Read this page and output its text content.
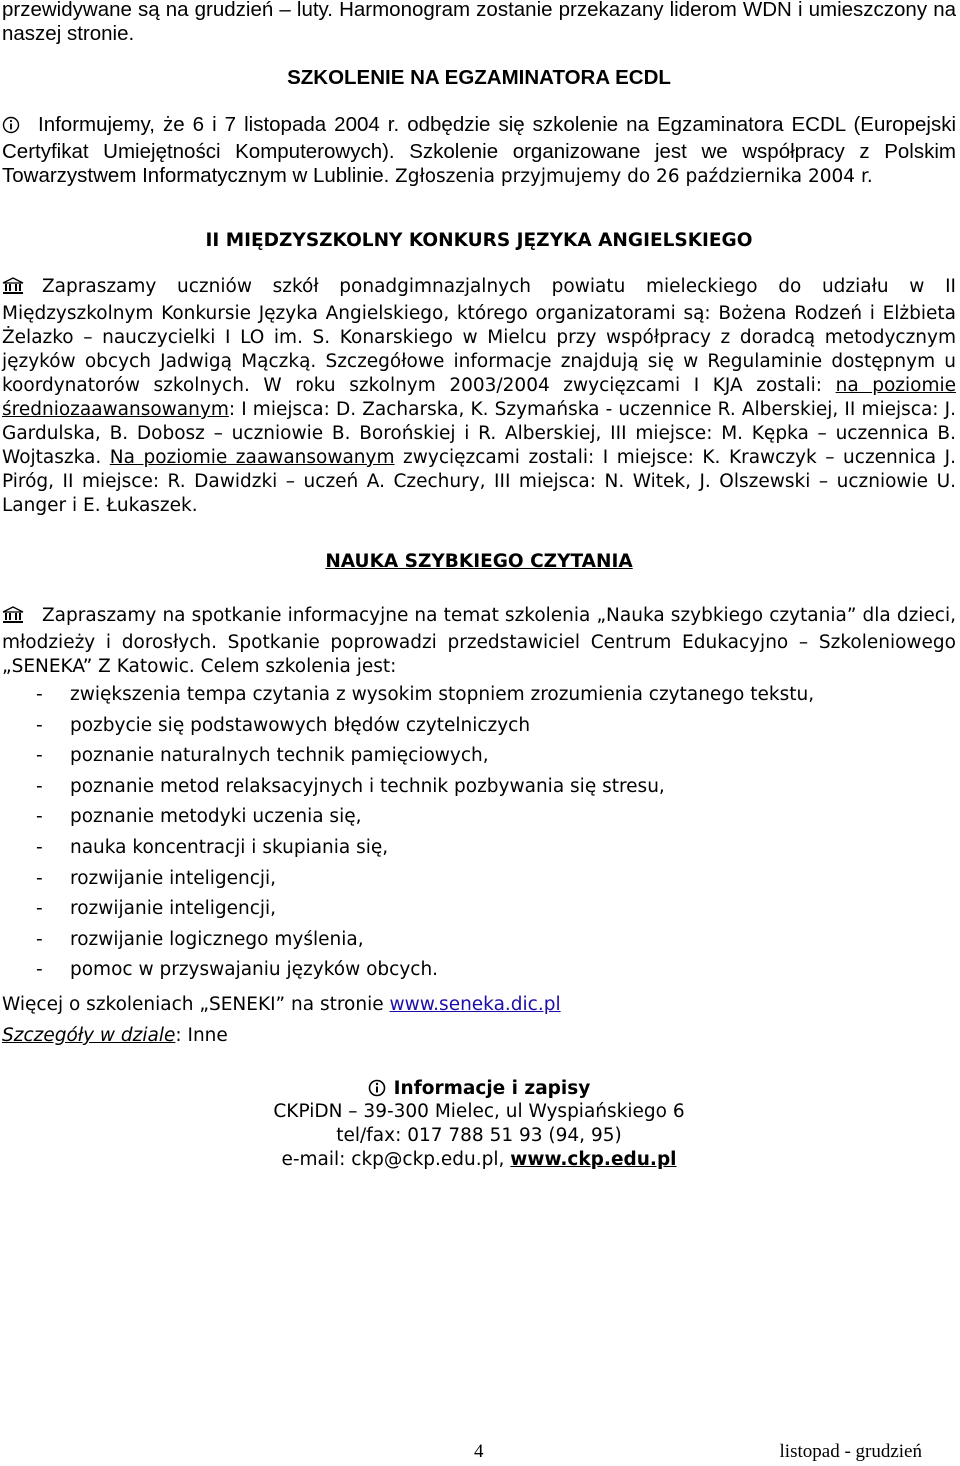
przewidywane są na grudzień – luty. Harmonogram zostanie przekazany liderom WDN i umieszczony na naszej stronie.

SZKOLENIE NA EGZAMINATORA ECDL

Informujemy, że 6 i 7 listopada 2004 r. odbędzie się szkolenie na Egzaminatora ECDL (Europejski Certyfikat Umiejętności Komputerowych). Szkolenie organizowane jest we współpracy z Polskim Towarzystwem Informatycznym w Lublinie. Zgłoszenia przyjmujemy do 26 października 2004 r.

II MIĘDZYSZKOLNY KONKURS JĘZYKA ANGIELSKIEGO

Zapraszamy uczniów szkół ponadgimnazjalnych powiatu mieleckiego do udziału w II Międzyszkolnym Konkursie Języka Angielskiego, którego organizatorami są: Bożena Rodzeń i Elżbieta Żelazko – nauczycielki I LO im. S. Konarskiego w Mielcu przy współpracy z doradcą metodycznym języków obcych Jadwigą Mączką. Szczegółowe informacje znajdują się w Regulaminie dostępnym u koordynatorów szkolnych. W roku szkolnym 2003/2004 zwycięzcami I KJA zostali: na poziomie średniozaawansowanym: I miejsca: D. Zacharska, K. Szymańska - uczennice R. Alberskiej, II miejsca: J. Gardulska, B. Dobosz – uczniowie B. Borońskiej i R. Alberskiej, III miejsce: M. Kępka – uczennica B. Wojtaszka. Na poziomie zaawansowanym zwycięzcami zostali: I miejsce: K. Krawczyk – uczennica J. Piróg, II miejsce: R. Dawidzki – uczeń A. Czechury, III miejsca: N. Witek, J. Olszewski – uczniowie U. Langer i E. Łukaszek.

NAUKA SZYBKIEGO CZYTANIA

Zapraszamy na spotkanie informacyjne na temat szkolenia „Nauka szybkiego czytania” dla dzieci, młodzieży i dorosłych. Spotkanie poprowadzi przedstawiciel Centrum Edukacyjno – Szkoleniowego „SENEKA” Z Katowic. Celem szkolenia jest:

- zwiększenia tempa czytania z wysokim stopniem zrozumienia czytanego tekstu,
- pozbycie się podstawowych błędów czytelniczych
- poznanie naturalnych technik pamięciowych,
- poznanie metod relaksacyjnych i technik pozbywania się stresu,
- poznanie metodyki uczenia się,
- nauka koncentracji i skupiania się,
- rozwijanie inteligencji,
- rozwijanie inteligencji,
- rozwijanie logicznego myślenia,
- pomoc w przyswajaniu języków obcych.

Więcej o szkoleniach „SENEKI” na stronie www.seneka.dic.pl

Szczegóły w dziale: Inne

Informacje i zapisy
CKPiDN – 39-300 Mielec, ul Wyspiańskiego 6
tel/fax: 017 788 51 93 (94, 95)
e-mail: ckp@ckp.edu.pl, www.ckp.edu.pl
4	listopad - grudzień
